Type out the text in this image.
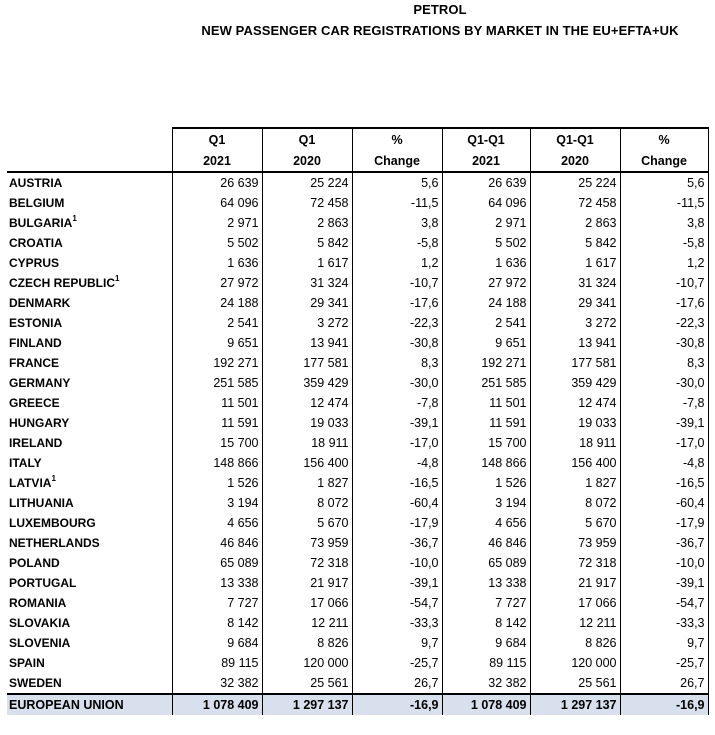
PETROL
NEW PASSENGER CAR REGISTRATIONS BY MARKET IN THE EU+EFTA+UK
	Q1	Q1	%	Q1-Q1	Q1-Q1	%
	2021	2020	Change	2021	2020	Change
AUSTRIA	26 639	25 224	5,6	26 639	25 224	5,6
BELGIUM	64 096	72 458	-11,5	64 096	72 458	-11,5
BULGARIA$^1$	2 971	2 863	3,8	2 971	2 863	3,8
CROATIA	5 502	5 842	-5,8	5 502	5 842	-5,8
CYPRUS	1 636	1 617	1,2	1 636	1 617	1,2
CZECH REPUBLIC$^1$	27 972	31 324	-10,7	27 972	31 324	-10,7
DENMARK	24 188	29 341	-17,6	24 188	29 341	-17,6
ESTONIA	2 541	3 272	-22,3	2 541	3 272	-22,3
FINLAND	9 651	13 941	-30,8	9 651	13 941	-30,8
FRANCE	192 271	177 581	8,3	192 271	177 581	8,3
GERMANY	251 585	359 429	-30,0	251 585	359 429	-30,0
GREECE	11 501	12 474	-7,8	11 501	12 474	-7,8
HUNGARY	11 591	19 033	-39,1	11 591	19 033	-39,1
IRELAND	15 700	18 911	-17,0	15 700	18 911	-17,0
ITALY	148 866	156 400	-4,8	148 866	156 400	-4,8
LATVIA$^1$	1 526	1 827	-16,5	1 526	1 827	-16,5
LITHUANIA	3 194	8 072	-60,4	3 194	8 072	-60,4
LUXEMBOURG	4 656	5 670	-17,9	4 656	5 670	-17,9
NETHERLANDS	46 846	73 959	-36,7	46 846	73 959	-36,7
POLAND	65 089	72 318	-10,0	65 089	72 318	-10,0
PORTUGAL	13 338	21 917	-39,1	13 338	21 917	-39,1
ROMANIA	7 727	17 066	-54,7	7 727	17 066	-54,7
SLOVAKIA	8 142	12 211	-33,3	8 142	12 211	-33,3
SLOVENIA	9 684	8 826	9,7	9 684	8 826	9,7
SPAIN	89 115	120 000	-25,7	89 115	120 000	-25,7
SWEDEN	32 382	25 561	26,7	32 382	25 561	26,7
EUROPEAN UNION	1 078 409	1 297 137	-16,9	1 078 409	1 297 137	-16,9
